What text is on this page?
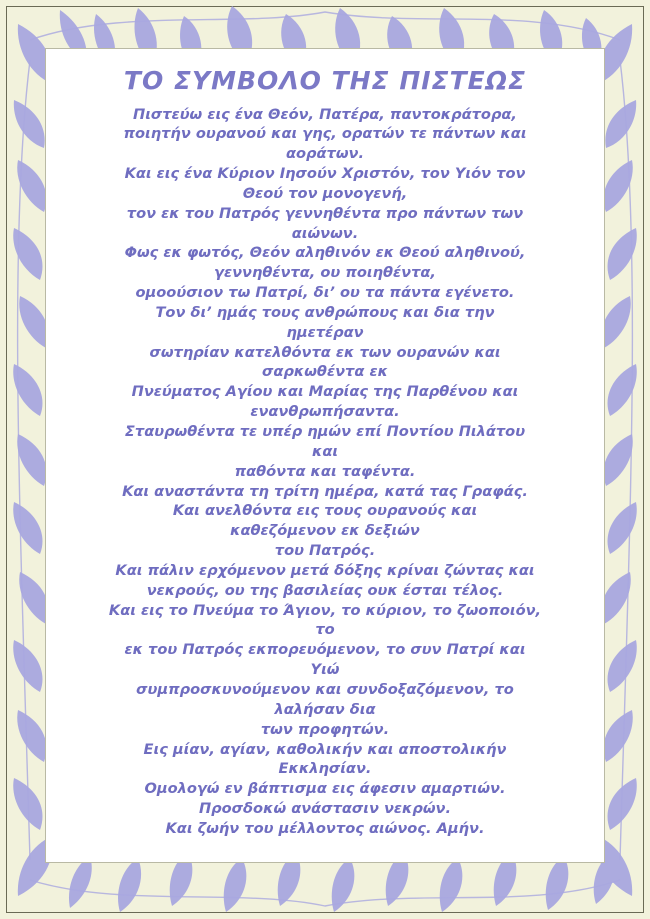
ΤΟ ΣΥΜΒΟΛΟ ΤΗΣ ΠΙΣΤΕΩΣ
Πιστεύω εις ένα Θεόν, Πατέρα, παντοκράτορα,
ποιητήν ουρανού και γης, ορατών τε πάντων και
αοράτων.
Και εις ένα Κύριον Ιησούν Χριστόν, τον Υιόν τον
Θεού τον μονογενή,
τον εκ του Πατρός γεννηθέντα προ πάντων των
αιώνων.
Φως εκ φωτός, Θεόν αληθινόν εκ Θεού αληθινού,
γεννηθέντα, ου ποιηθέντα,
ομοούσιον τω Πατρί, δι’ ου τα πάντα εγένετο.
Τον δι’ ημάς τους ανθρώπους και δια την
ημετέραν
σωτηρίαν κατελθόντα εκ των ουρανών και
σαρκωθέντα εκ
Πνεύματος Αγίου και Μαρίας της Παρθένου και
ενανθρωπήσαντα.
Σταυρωθέντα τε υπέρ ημών επί Ποντίου Πιλάτου
και
παθόντα και ταφέντα.
Και αναστάντα τη τρίτη ημέρα, κατά τας Γραφάς.
Και ανελθόντα εις τους ουρανούς και
καθεζόμενον εκ δεξιών
του Πατρός.
Και πάλιν ερχόμενον μετά δόξης κρίναι ζώντας και
νεκρούς, ου της βασιλείας ουκ έσται τέλος.
Και εις το Πνεύμα το Άγιον, το κύριον, το ζωοποιόν,
το
εκ του Πατρός εκπορευόμενον, το συν Πατρί και
Υιώ
συμπροσκυνούμενον και συνδοξαζόμενον, το
λαλήσαν δια
των προφητών.
Εις μίαν, αγίαν, καθολικήν και αποστολικήν
Εκκλησίαν.
Ομολογώ εν βάπτισμα εις άφεσιν αμαρτιών.
Προσδοκώ ανάστασιν νεκρών.
Και ζωήν του μέλλοντος αιώνος. Αμήν.
